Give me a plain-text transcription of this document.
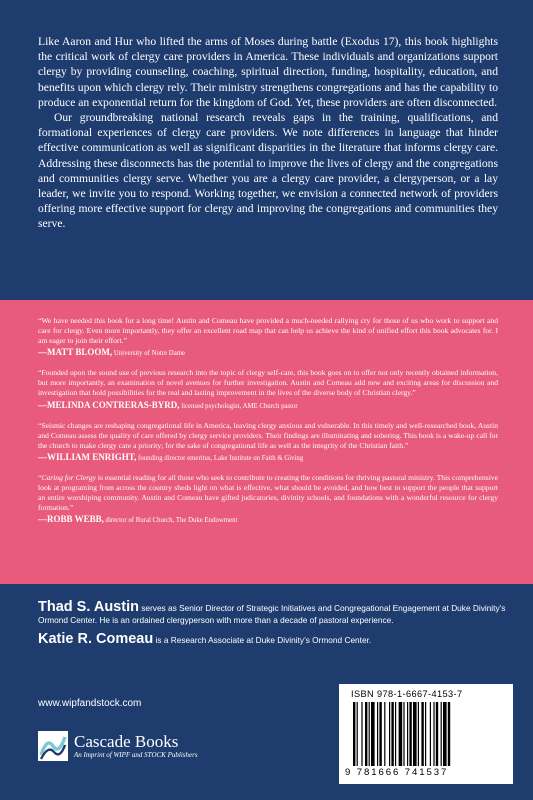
Like Aaron and Hur who lifted the arms of Moses during battle (Exodus 17), this book highlights the critical work of clergy care providers in America. These individuals and organizations support clergy by providing counseling, coaching, spiritual direction, funding, hospitality, education, and benefits upon which clergy rely. Their ministry strengthens congregations and has the capability to produce an exponential return for the kingdom of God. Yet, these providers are often disconnected.

Our groundbreaking national research reveals gaps in the training, qualifications, and formational experiences of clergy care providers. We note differences in language that hinder effective communication as well as significant disparities in the literature that informs clergy care. Addressing these disconnects has the potential to improve the lives of clergy and the congregations and communities clergy serve. Whether you are a clergy care provider, a clergyperson, or a lay leader, we invite you to respond. Working together, we envision a connected network of providers offering more effective support for clergy and improving the congregations and communities they serve.

“We have needed this book for a long time! Austin and Comeau have provided a much-needed rallying cry for those of us who work to support and care for clergy. Even more importantly, they offer an excellent road map that can help us achieve the kind of unified effort this book advocates for. I am eager to join their effort.”

—MATT BLOOM, University of Notre Dame

“Founded upon the sound use of previous research into the topic of clergy self-care, this book goes on to offer not only recently obtained information, but more importantly, an examination of novel avenues for further investigation. Austin and Comeau add new and exciting areas for discussion and investigation that hold possibilities for the real and lasting improvement in the lives of the diverse body of Christian clergy.”

—MELINDA CONTRERAS-BYRD, licensed psychologist, AME Church pastor

“Seismic changes are reshaping congregational life in America, leaving clergy anxious and vulnerable. In this timely and well-researched book, Austin and Comeau assess the quality of care offered by clergy service providers. Their findings are illuminating and sobering. This book is a wake-up call for the church to make clergy care a priority; for the sake of congregational life as well as the integrity of the Christian faith.”

—WILLIAM ENRIGHT, founding director emeritus, Lake Institute on Faith & Giving

“Caring for Clergy is essential reading for all those who seek to contribute to creating the conditions for thriving pastoral ministry. This comprehensive look at programing from across the country sheds light on what is effective, what should be avoided, and how best to support the people that support an entire worshiping community. Austin and Comeau have gifted judicatories, divinity schools, and foundations with a wonderful resource for clergy formation.”

—ROBB WEBB, director of Rural Church, The Duke Endowment

Thad S. Austin serves as Senior Director of Strategic Initiatives and Congregational Engagement at Duke Divinity’s Ormond Center. He is an ordained clergyperson with more than a decade of pastoral experience.
Katie R. Comeau is a Research Associate at Duke Divinity’s Ormond Center.
www.wipfandstock.com
Cascade Books
An Imprint of WIPF and STOCK Publishers
ISBN 978-1-6667-4153-7
9 781666 741537
